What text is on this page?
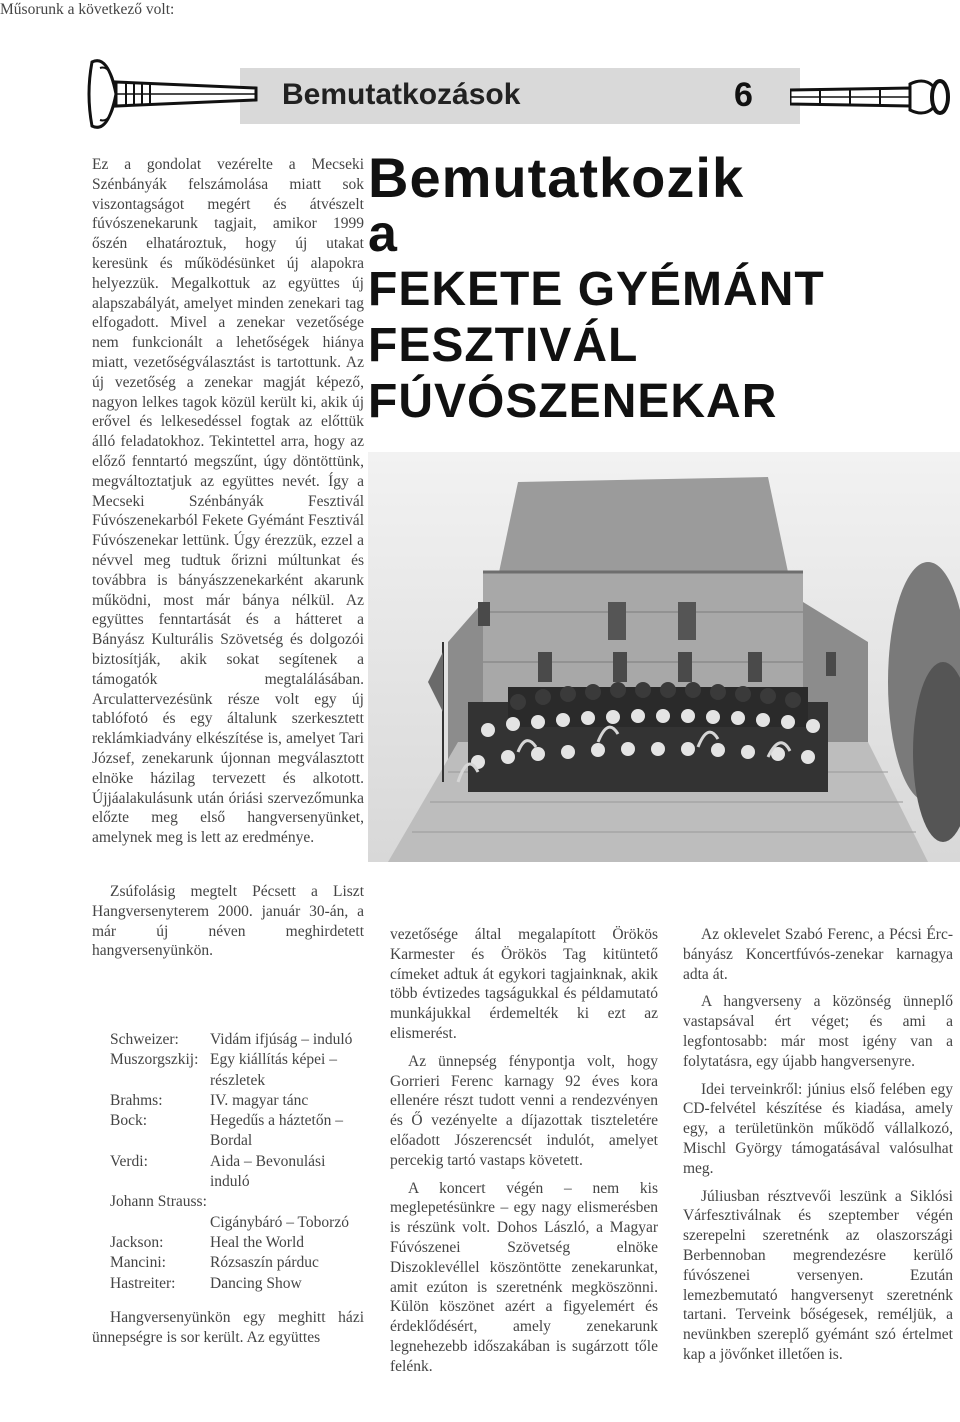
Bemutatkozások	6
Bemutatkozik
a
FEKETE GYÉMÁNT
FESZTIVÁL
FÚVÓSZENEKAR
Ez a gondolat vezérelte a Mecseki Szénbányák felszámolása miatt sok viszontagságot megért és átvészelt fúvószenekarunk tagjait, amikor 1999 őszén elhatároztuk, hogy új utakat keresünk és működésünket új alapokra helyezzük. Megalkottuk az együttes új alapszabályát, amelyet minden zenekari tag elfogadott. Mivel a zenekar vezetősége nem funkcionált a lehetőségek hiánya miatt, vezetőségválasztást is tartottunk. Az új vezetőség a zenekar magját képező, nagyon lelkes tagok közül került ki, akik új erővel és lelkesedéssel fogtak az előttük álló feladatokhoz. Tekintettel arra, hogy az előző fenntartó megszűnt, úgy döntöttünk, megváltoztatjuk az együttes nevét. Így a Mecseki Szénbányák Fesztivál Fúvószenekarból Fekete Gyémánt Fesztivál Fúvószenekar lettünk. Úgy érezzük, ezzel a névvel meg tudtuk őrizni múltunkat és továbbra is bányászzenekarként akarunk működni, most már bánya nélkül. Az együttes fenntartását és a hátteret a Bányász Kulturális Szövetség és dolgozói biztosítják, akik sokat segítenek a támogatók megtalálásában. Arculattervezésünk része volt egy új tablófotó és egy általunk szerkesztett reklámkiadvány elkészítése is, amelyet Tari József, zenekarunk újonnan megválasztott elnöke házilag tervezett és alkotott. Újjáalakulásunk után óriási szervezőmunka előzte meg első hangversenyünket, amelynek meg is lett az eredménye.

Zsúfolásig megtelt Pécsett a Liszt Hangversenyterem 2000. január 30-án, a már új néven meghirdetett hangversenyünkön.

Műsorunk a következő volt:
Schweizer: Vidám ifjúság – induló
Muszorgszkij: Egy kiállítás képei – részletek
Brahms:	IV. magyar tánc
Bock:	Hegedűs a háztetőn – Bordal
Verdi:	Aida – Bevonulási induló
Johann Strauss:
Cigánybáró – Toborzó
Jackson:	Heal the World
Mancini:	Rózsaszín párduc
Hastreiter: Dancing Show

Hangversenyünkön egy meghitt házi ünnepségre is sor került. Az együttes

vezetősége által megalapított Örökös Karmester és Örökös Tag kitüntető címeket adtuk át egykori tagjainknak, akik több évtizedes tagságukkal és példamutató munkájukkal érdemelték ki ezt az elismerést.

Az ünnepség fénypontja volt, hogy Gorrieri Ferenc karnagy 92 éves kora ellenére részt tudott venni a rendezvényen és Ő vezényelte a díjazottak tiszteletére előadott Jószerencsét indulót, amelyet percekig tartó vastaps követett.

A koncert végén – nem kis meglepetésünkre – egy nagy elismerésben is részünk volt. Dohos László, a Magyar Fúvószenei Szövetség elnöke Diszoklevéllel köszöntötte zenekarunkat, amit ezúton is szeretnénk megköszönni. Külön köszönet azért a figyelemért és érdeklődésért, amely zenekarunk legnehezebb időszakában is sugárzott tőle felénk.

Az oklevelet Szabó Ferenc, a Pécsi Érc-bányász Koncertfúvós-zenekar karnagya adta át.

A hangverseny a közönség ünneplő vastapsával ért véget; és ami a legfontosabb: már most igény van a folytatásra, egy újabb hangversenyre.

Idei terveinkről: június első felében egy CD-felvétel készítése és kiadása, amely egy, a területünkön működő vállalkozó, Mischl György támogatásával valósulhat meg.

Júliusban résztvevői leszünk a Siklósi Várfesztiválnak és szeptember végén szerepelni szeretnénk az olaszországi Berbennoban megrendezésre kerülő fúvószenei versenyen. Ezután lemezbemutató hangversenyt szeretnénk tartani. Terveink bőségesek, reméljük, a nevünkben szereplő gyémánt szó értelmet kap a jövőnket illetően is.
